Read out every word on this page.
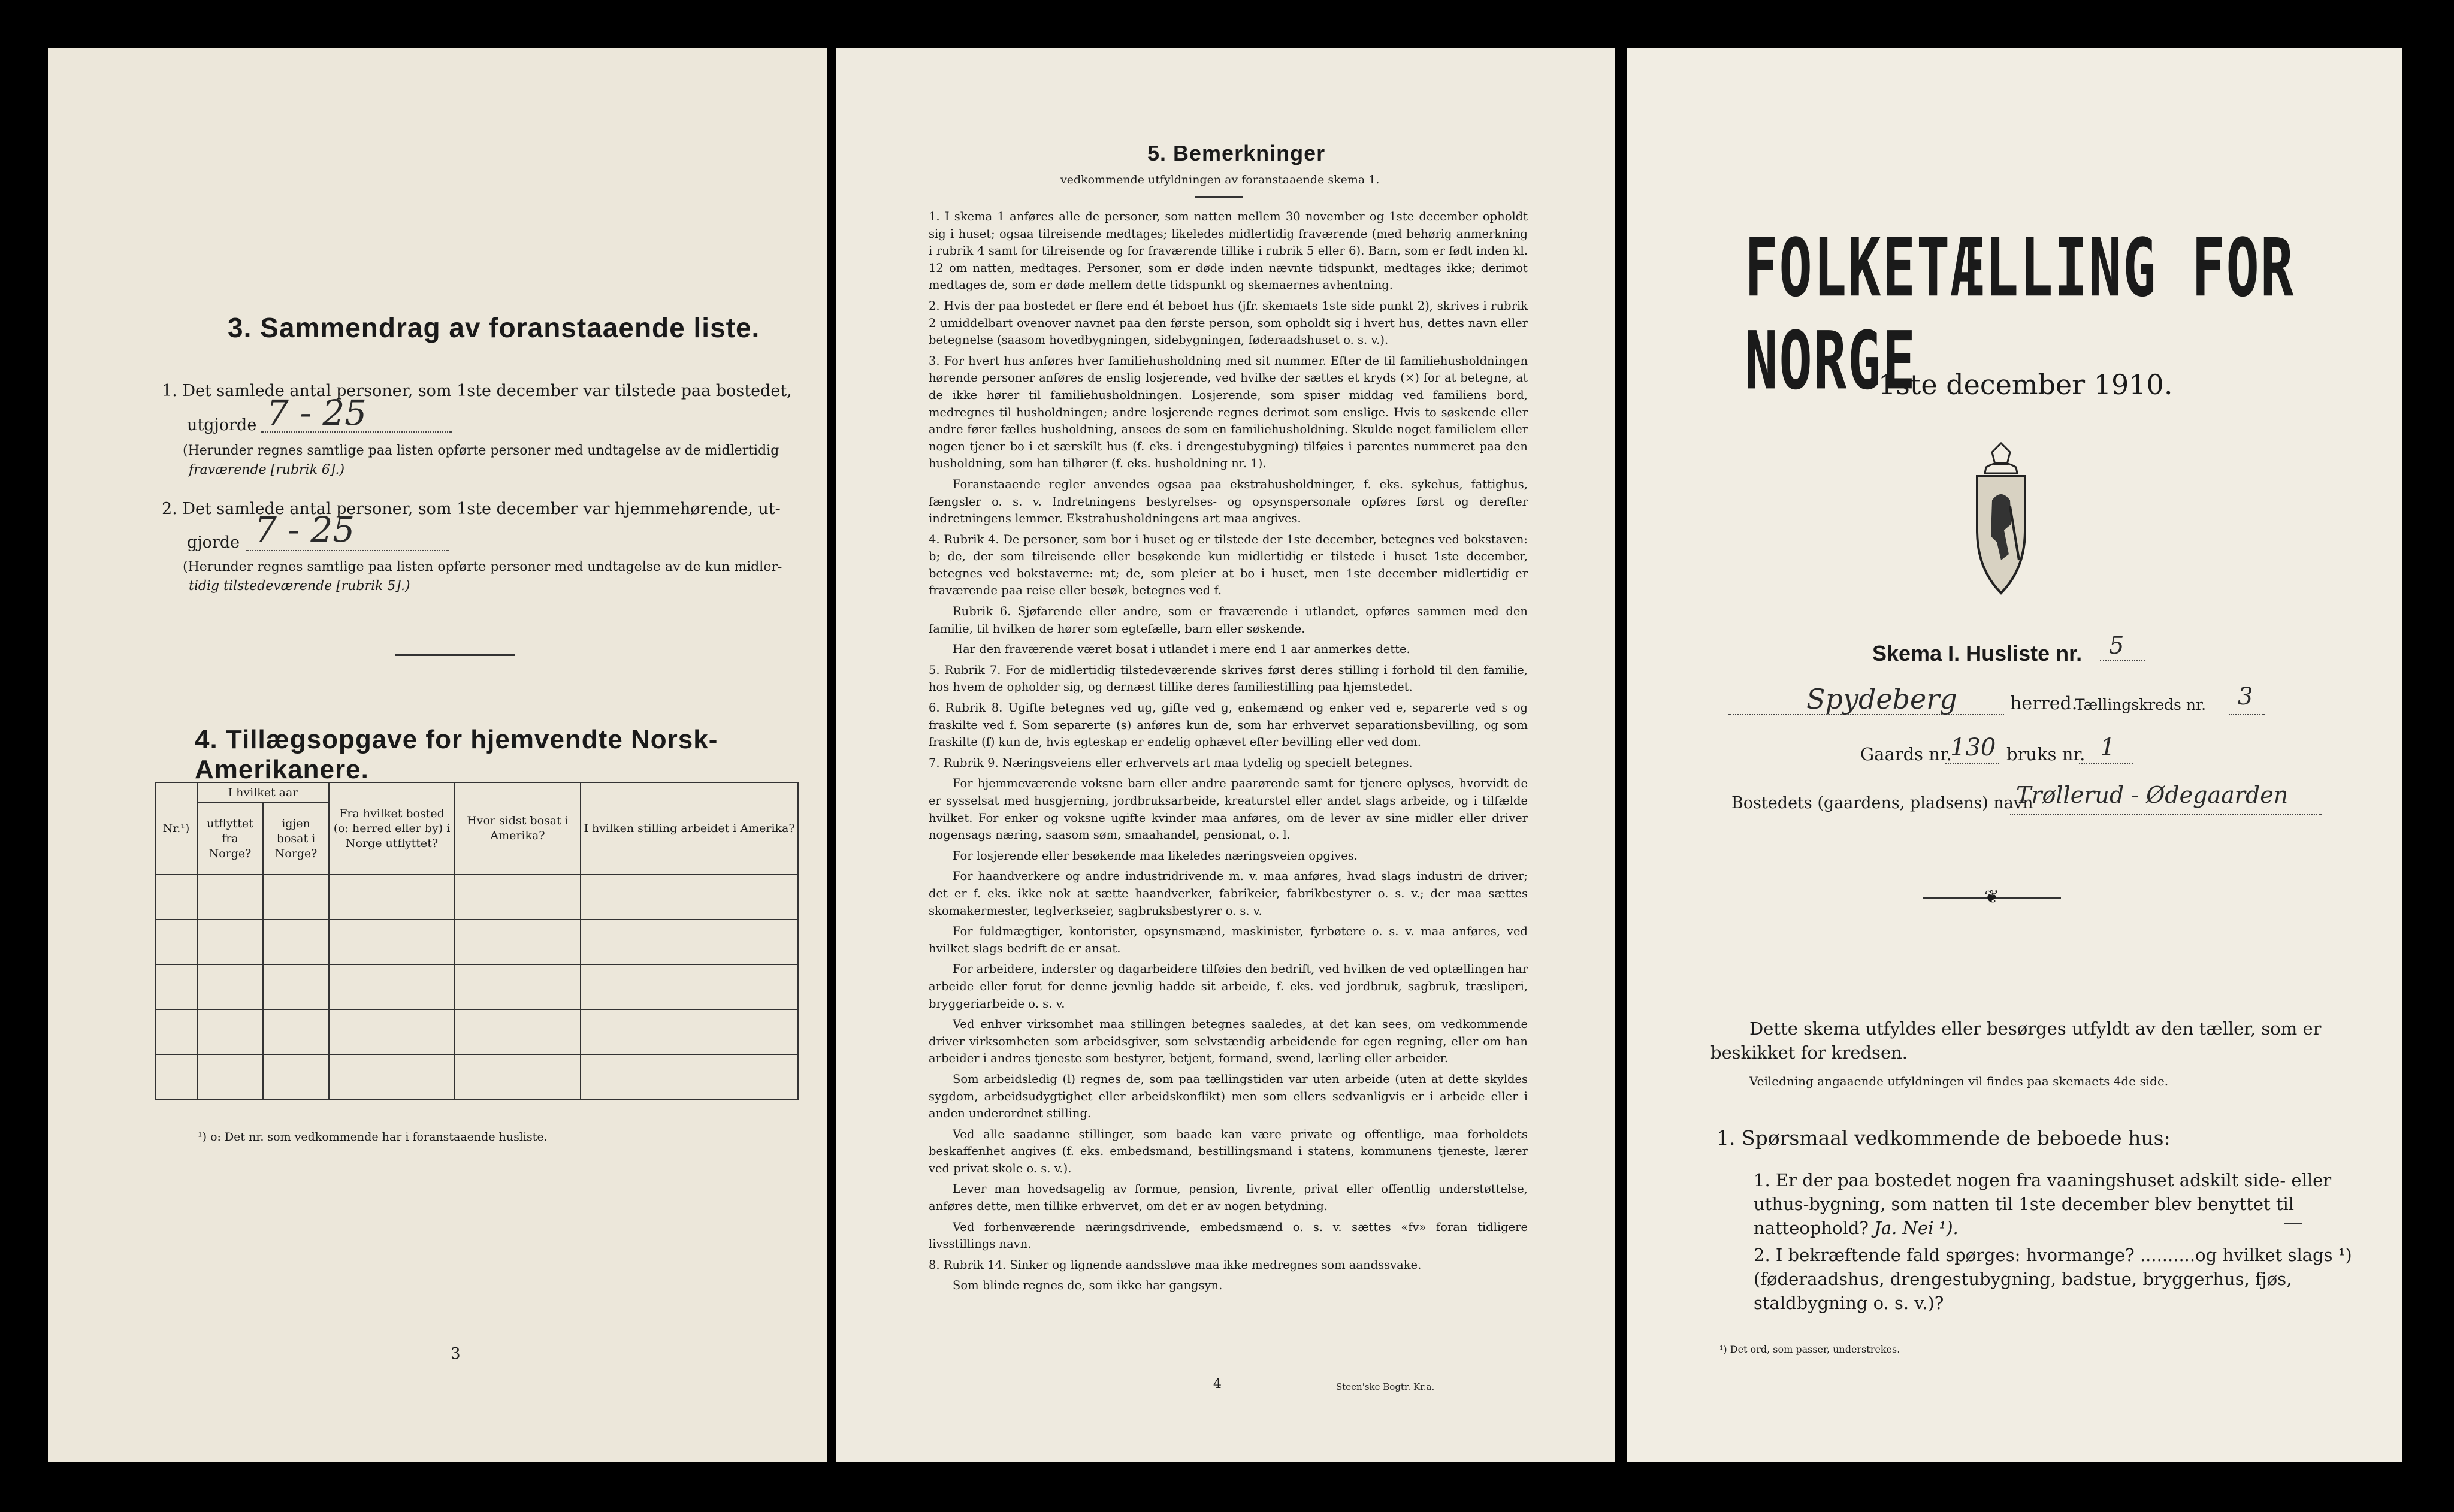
3. Sammendrag av foranstaaende liste.
1. Det samlede antal personer, som 1ste december var tilstede paa bostedet,
utgjorde 7 - 25
(Herunder regnes samtlige paa listen opførte personer med undtagelse av de midlertidig
fraværende [rubrik 6].)
2. Det samlede antal personer, som 1ste december var hjemmehørende, ut-
gjorde 7 - 25
(Herunder regnes samtlige paa listen opførte personer med undtagelse av de kun midler-
tidig tilstedeværende [rubrik 5].)
4. Tillægsopgave for hjemvendte Norsk-Amerikanere.
Nr.¹)	I hvilket aar		Fra hvilket bosted (o: herred eller by) i Norge utflyttet?	Hvor sidst bosat i Amerika?	I hvilken stilling arbeidet i Amerika?
	utflyttet fra Norge?	igjen bosat i Norge?			

¹) o: Det nr. som vedkommende har i foranstaaende husliste.
3
5. Bemerkninger
vedkommende utfyldningen av foranstaaende skema 1.

1. I skema 1 anføres alle de personer, som natten mellem 30 november og 1ste december opholdt sig i huset; ogsaa tilreisende medtages; likeledes midlertidig fraværende (med behørig anmerkning i rubrik 4 samt for tilreisende og for fraværende tillike i rubrik 5 eller 6). Barn, som er født inden kl. 12 om natten, medtages. Personer, som er døde inden nævnte tidspunkt, medtages ikke; derimot medtages de, som er døde mellem dette tidspunkt og skemaernes avhentning.

2. Hvis der paa bostedet er flere end ét beboet hus (jfr. skemaets 1ste side punkt 2), skrives i rubrik 2 umiddelbart ovenover navnet paa den første person, som opholdt sig i hvert hus, dettes navn eller betegnelse (saasom hovedbygningen, sidebygningen, føderaadshuset o. s. v.).

3. For hvert hus anføres hver familiehusholdning med sit nummer. Efter de til familiehusholdningen hørende personer anføres de enslig losjerende, ved hvilke der sættes et kryds (×) for at betegne, at de ikke hører til familiehusholdningen. Losjerende, som spiser middag ved familiens bord, medregnes til husholdningen; andre losjerende regnes derimot som enslige. Hvis to søskende eller andre fører fælles husholdning, ansees de som en familiehusholdning. Skulde noget familielem eller nogen tjener bo i et særskilt hus (f. eks. i drengestubygning) tilføies i parentes nummeret paa den husholdning, som han tilhører (f. eks. husholdning nr. 1).

Foranstaaende regler anvendes ogsaa paa ekstrahusholdninger, f. eks. sykehus, fattighus, fængsler o. s. v. Indretningens bestyrelses- og opsynspersonale opføres først og derefter indretningens lemmer. Ekstrahusholdningens art maa angives.

4. Rubrik 4. De personer, som bor i huset og er tilstede der 1ste december, betegnes ved bokstaven: b; de, der som tilreisende eller besøkende kun midlertidig er tilstede i huset 1ste december, betegnes ved bokstaverne: mt; de, som pleier at bo i huset, men 1ste december midlertidig er fraværende paa reise eller besøk, betegnes ved f.

Rubrik 6. Sjøfarende eller andre, som er fraværende i utlandet, opføres sammen med den familie, til hvilken de hører som egtefælle, barn eller søskende.

Har den fraværende været bosat i utlandet i mere end 1 aar anmerkes dette.

5. Rubrik 7. For de midlertidig tilstedeværende skrives først deres stilling i forhold til den familie, hos hvem de opholder sig, og dernæst tillike deres familiestilling paa hjemstedet.

6. Rubrik 8. Ugifte betegnes ved ug, gifte ved g, enkemænd og enker ved e, separerte ved s og fraskilte ved f. Som separerte (s) anføres kun de, som har erhvervet separationsbevilling, og som fraskilte (f) kun de, hvis egteskap er endelig ophævet efter bevilling eller ved dom.

7. Rubrik 9. Næringsveiens eller erhvervets art maa tydelig og specielt betegnes.

For hjemmeværende voksne barn eller andre paarørende samt for tjenere oplyses, hvorvidt de er sysselsat med husgjerning, jordbruksarbeide, kreaturstel eller andet slags arbeide, og i tilfælde hvilket. For enker og voksne ugifte kvinder maa anføres, om de lever av sine midler eller driver nogensags næring, saasom søm, smaahandel, pensionat, o. l.

For losjerende eller besøkende maa likeledes næringsveien opgives.

For haandverkere og andre industridrivende m. v. maa anføres, hvad slags industri de driver; det er f. eks. ikke nok at sætte haandverker, fabrikeier, fabrikbestyrer o. s. v.; der maa sættes skomakermester, teglverkseier, sagbruksbestyrer o. s. v.

For fuldmægtiger, kontorister, opsynsmænd, maskinister, fyrbøtere o. s. v. maa anføres, ved hvilket slags bedrift de er ansat.

For arbeidere, inderster og dagarbeidere tilføies den bedrift, ved hvilken de ved optællingen har arbeide eller forut for denne jevnlig hadde sit arbeide, f. eks. ved jordbruk, sagbruk, træsliperi, bryggeriarbeide o. s. v.

Ved enhver virksomhet maa stillingen betegnes saaledes, at det kan sees, om vedkommende driver virksomheten som arbeidsgiver, som selvstændig arbeidende for egen regning, eller om han arbeider i andres tjeneste som bestyrer, betjent, formand, svend, lærling eller arbeider.

Som arbeidsledig (l) regnes de, som paa tællingstiden var uten arbeide (uten at dette skyldes sygdom, arbeidsudygtighet eller arbeidskonflikt) men som ellers sedvanligvis er i arbeide eller i anden underordnet stilling.

Ved alle saadanne stillinger, som baade kan være private og offentlige, maa forholdets beskaffenhet angives (f. eks. embedsmand, bestillingsmand i statens, kommunens tjeneste, lærer ved privat skole o. s. v.).

Lever man hovedsagelig av formue, pension, livrente, privat eller offentlig understøttelse, anføres dette, men tillike erhvervet, om det er av nogen betydning.

Ved forhenværende næringsdrivende, embedsmænd o. s. v. sættes «fv» foran tidligere livsstillings navn.

8. Rubrik 14. Sinker og lignende aandssløve maa ikke medregnes som aandssvake.

Som blinde regnes de, som ikke har gangsyn.

4	Steen'ske Bogtr. Kr.a.
FOLKETÆLLING FOR NORGE
1ste december 1910.
Skema I. Husliste nr. 5
Spydeberg	herred.
Tællingskreds nr. 3
Gaards nr.
130 bruks nr. 1
Bostedets (gaardens, pladsens) navn
Trøllerud - Ødegaarden
❦
Dette skema utfyldes eller besørges utfyldt av den tæller, som er
beskikket for kredsen.
Veiledning angaaende utfyldningen vil findes paa skemaets 4de side.
1. Spørsmaal vedkommende de beboede hus:
1. Er der paa bostedet nogen fra vaaningshuset adskilt side- eller uthus-bygning, som natten til 1ste december blev benyttet til natteophold? Ja. Nei ¹).
2. I bekræftende fald spørges: hvormange? ..........og hvilket slags ¹) (føderaadshus, drengestubygning, badstue, bryggerhus, fjøs, staldbygning o. s. v.)?
¹) Det ord, som passer, understrekes.
